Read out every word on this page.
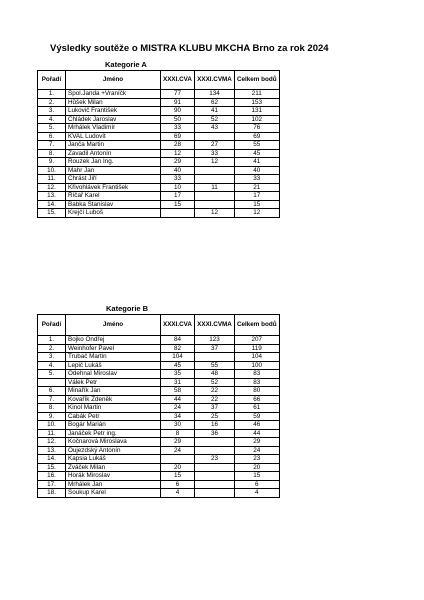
Výsledky soutěže o MISTRA KLUBU MKCHA Brno za rok 2024
Kategorie A
Pořadí	Jméno	XXXI.CVA	XXXI.CVMA	Celkem bodů
1.	Spol.Janda +Vraníčk	77	134	211
2.	Hůšek Milan	91	62	153
3.	Lukovič František	90	41	131
4.	Chládek Jaroslav	50	52	102
5.	Mrhálek Vladimír	33	43	76
6.	KVAL Ludovít	69		69
7.	Janča Martin	28	27	55
8.	Zavadil Antonín	12	33	45
9.	Rouzek Jan Ing.	29	12	41
10.	Mahr Jan	40		40
11.	Chrást Jiří	33		33
12.	Křivohlávek František	10	11	21
13.	Říčař Karel	17		17
14.	Babka Stanislav	15		15
15.	Krejčí Luboš		12	12
Kategorie B
Pořadí	Jméno	XXXI.CVA	XXXI.CVMA	Celkem bodů
1.	Bojko Ondřej	84	123	207
2.	Weinhofer Pavel	82	37	119
3.	Trubač Martin	104		104
4.	Lepič Lukáš	45	55	100
5.	Odehnal Miroslav	35	48	83
	Válek Petr	31	52	83
6.	Minařík Jan	58	22	80
7.	Kovařík Zdeněk	44	22	66
8.	Kinol Martin	24	37	61
9.	Cabák Petr	34	25	59
10.	Bogár Marián	30	16	46
11.	Janáček Petr ing.	8	36	44
12.	Kočnarová Miroslava	29		29
13.	Oujezdský Antonín	24		24
14.	Kapsia Lukáš		23	23
15.	Zváček Milan	20		20
16.	Horák Miroslav	15		15
17.	Mrhálek Jan	6		6
18.	Soukup Karel	4		4
